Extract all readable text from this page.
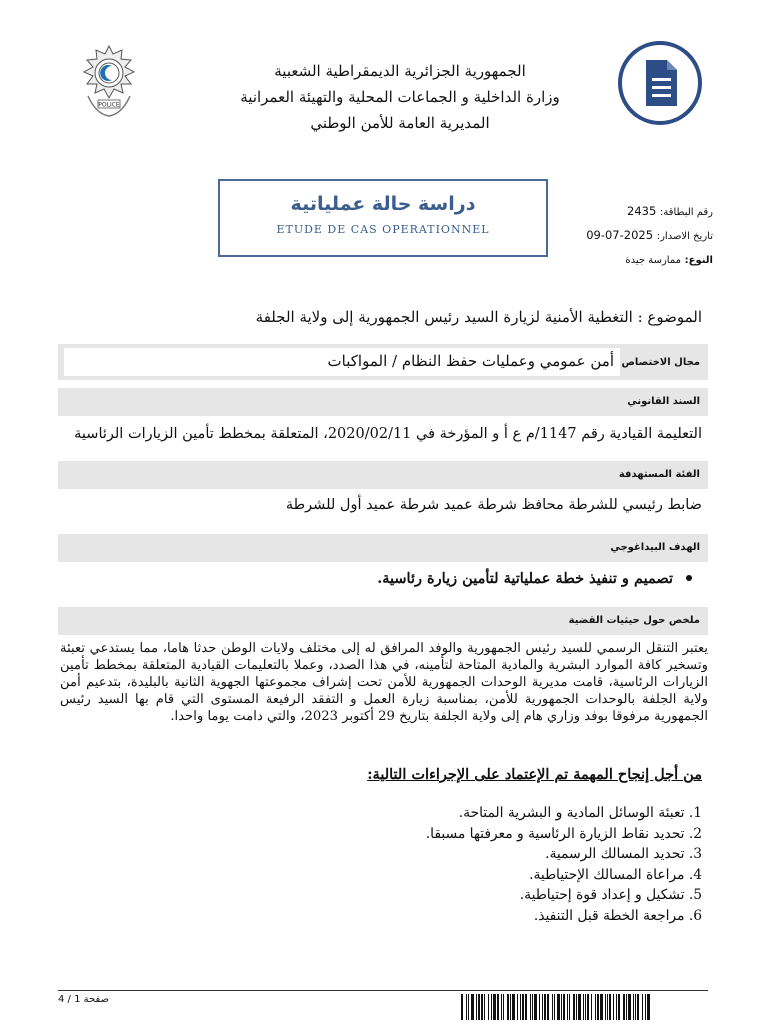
POLICE
الجمهورية الجزائرية الديمقراطية الشعبية
وزارة الداخلية و الجماعات المحلية والتهيئة العمرانية
المديرية العامة للأمن الوطني
دراسة حالة عملياتية
ETUDE DE CAS OPERATIONNEL
رقم البطاقة: 2435
تاريخ الاصدار: 2025-07-09
النوع: ممارسة جيدة
الموضوع : التغطية الأمنية لزيارة السيد رئيس الجمهورية إلى ولاية الجلفة
مجال الاختصاص
أمن عمومي وعمليات حفظ النظام / المواكبات
السند القانوني
التعليمة القيادية رقم 1147/م ع أ و المؤرخة في 2020/02/11، المتعلقة بمخطط تأمين الزيارات الرئاسية
الفئة المستهدفة
ضابط رئيسي للشرطة محافظ شرطة عميد شرطة عميد أول للشرطة
الهدف البيداغوجي
تصميم و تنفيذ خطة عملياتية لتأمين زيارة رئاسية.
ملخص حول حيثيات القضية
يعتبر التنقل الرسمي للسيد رئيس الجمهورية والوفد المرافق له إلى مختلف ولايات الوطن حدثا هاما، مما يستدعي تعبئة وتسخير كافة الموارد البشرية والمادية المتاحة لتأمينه، في هذا الصدد، وعملا بالتعليمات القيادية المتعلقة بمخطط تأمين الزيارات الرئاسية، قامت مديرية الوحدات الجمهورية للأمن تحت إشراف مجموعتها الجهوية الثانية بالبليدة، بتدعيم أمن ولاية الجلفة بالوحدات الجمهورية للأمن، بمناسبة زيارة العمل و التفقد الرفيعة المستوى التي قام بها السيد رئيس الجمهورية مرفوقا بوفد وزاري هام إلى ولاية الجلفة بتاريخ 29 أكتوبر 2023، والتي دامت يوما واحدا.
من أجل إنجاح المهمة تم الإعتماد على الإجراءات التالية:
1. تعبئة الوسائل المادية و البشرية المتاحة.
2. تحديد نقاط الزيارة الرئاسية و معرفتها مسبقا.
3. تحديد المسالك الرسمية.
4. مراعاة المسالك الإحتياطية.
5. تشكيل و إعداد قوة إحتياطية.
6. مراجعة الخطة قبل التنفيذ.
صفحة 1 / 4
